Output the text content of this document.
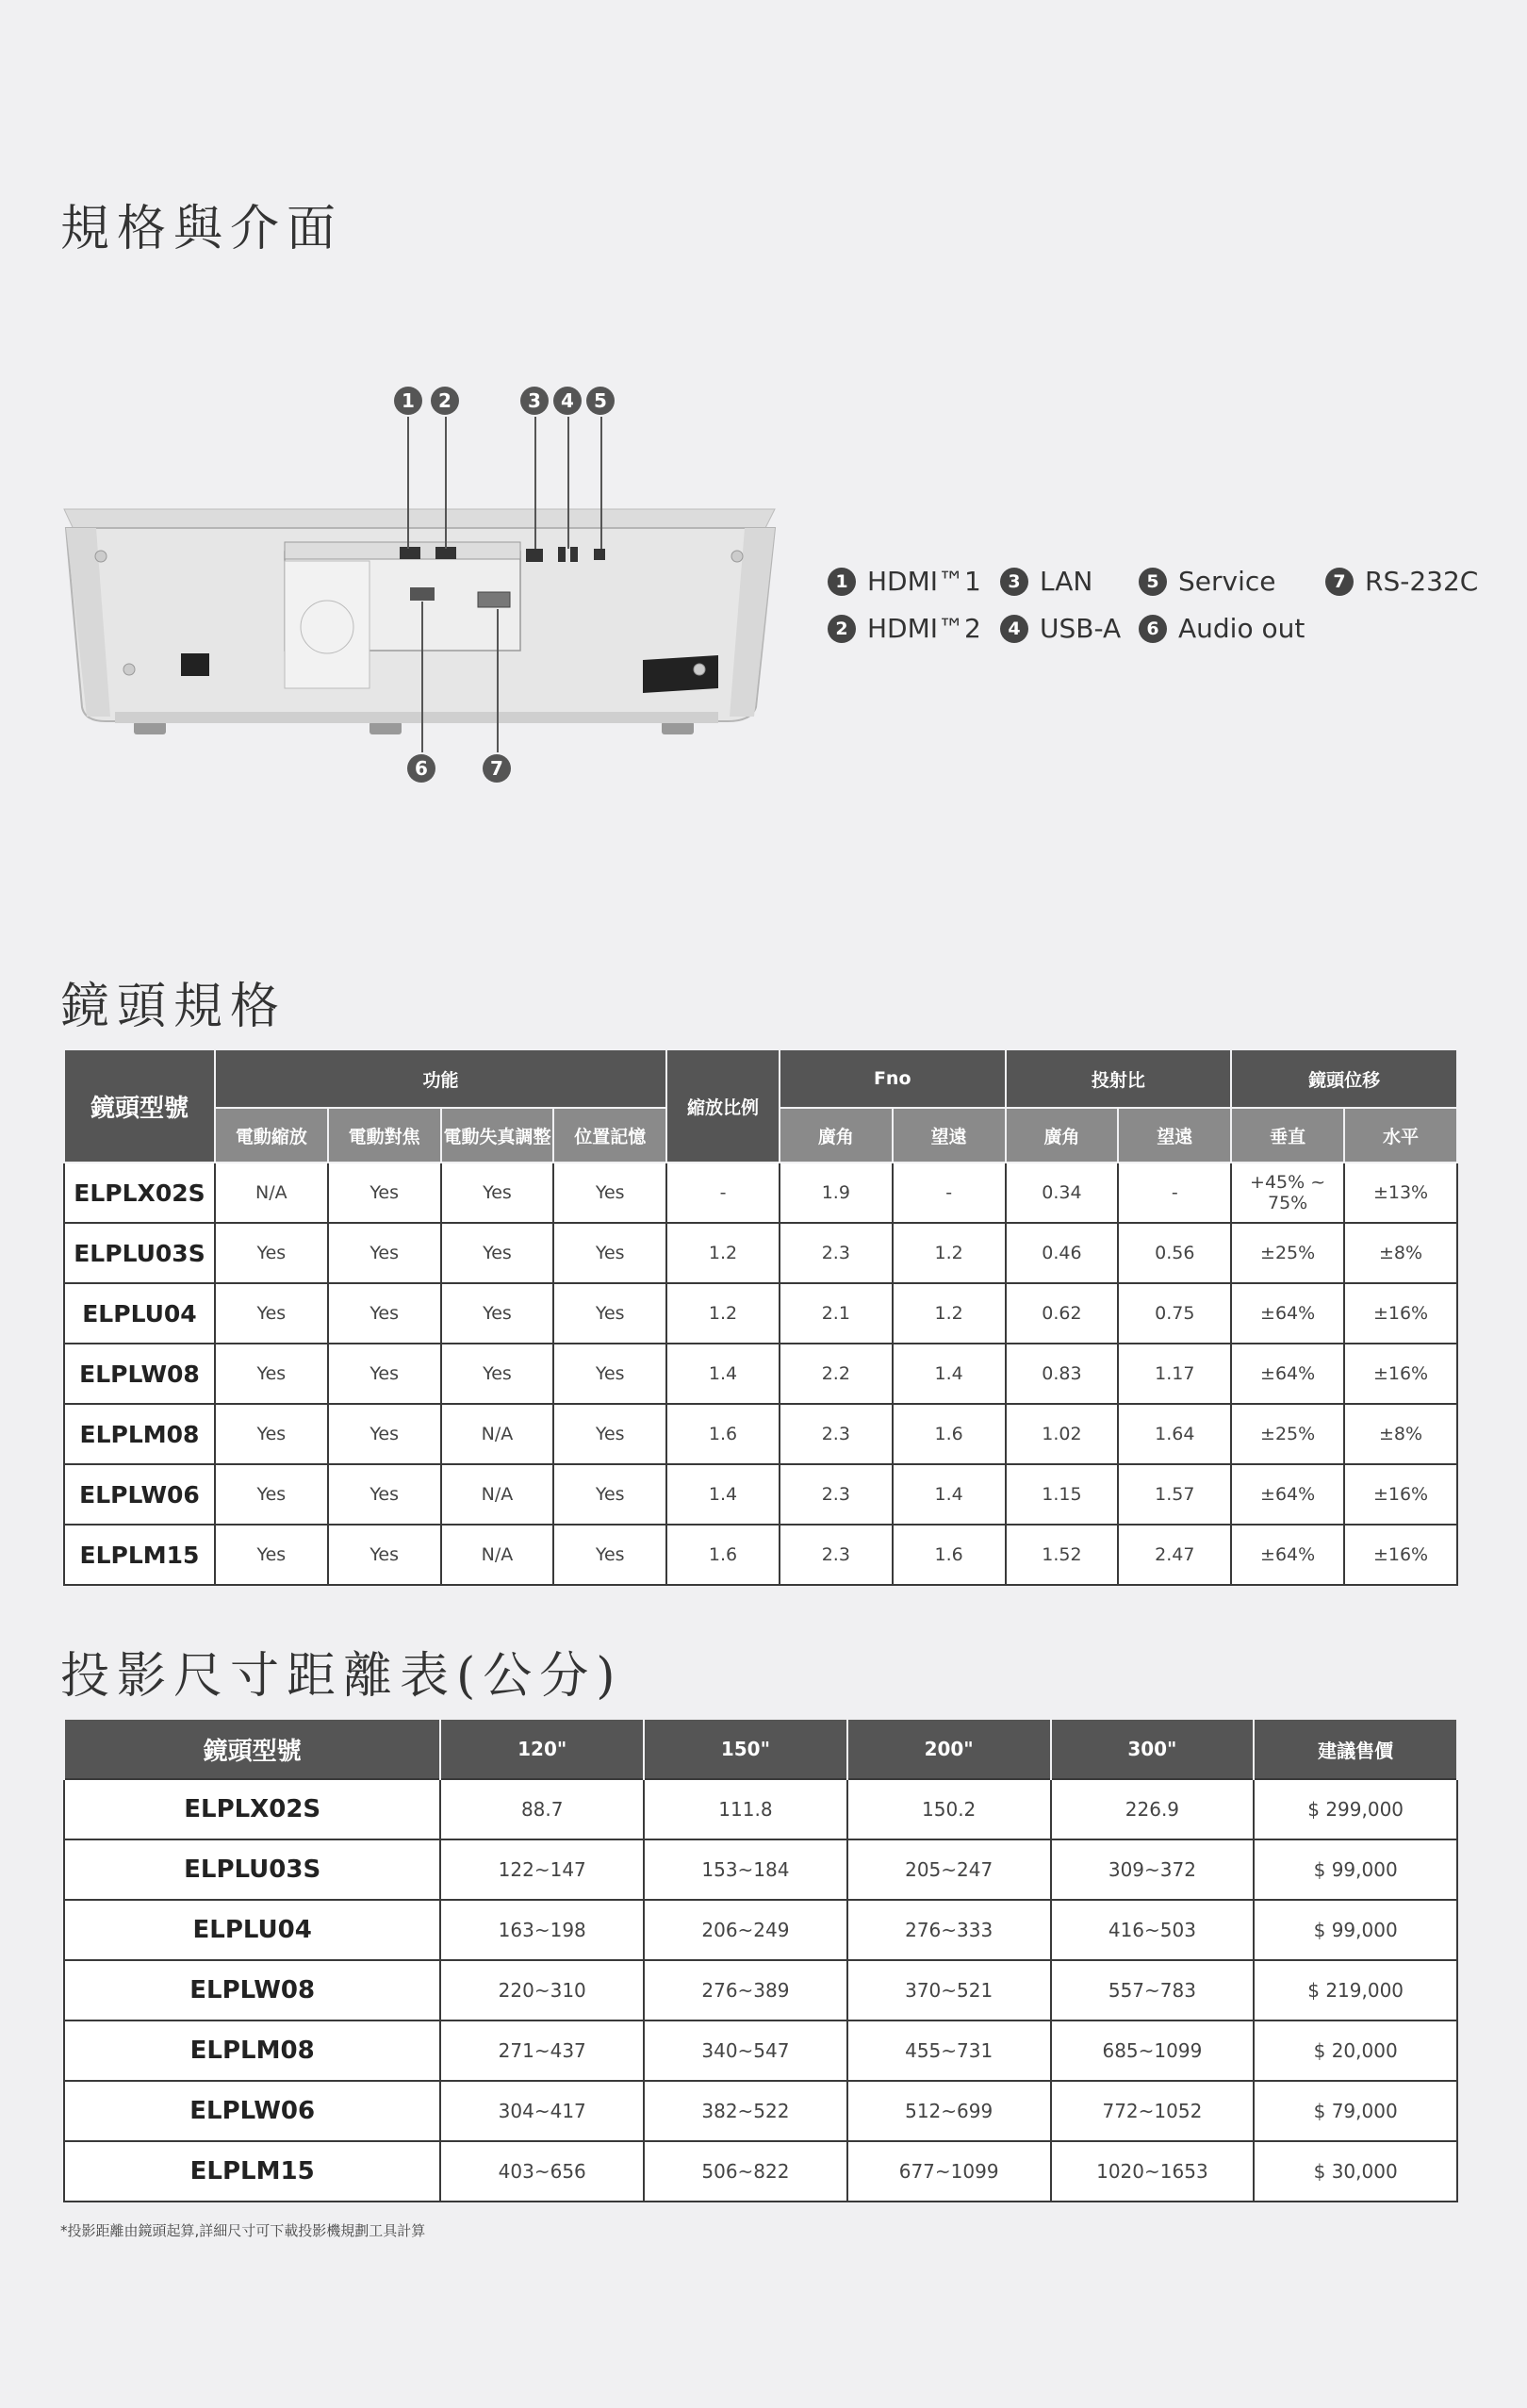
規格與介面
1	2	3	4	5
6	7
1 HDMI™1
2 HDMI™2
3 LAN
4 USB-A
5 Service
6 Audio out
7 RS-232C
鏡頭規格
鏡頭型號	功能				縮放比例	Fno		投射比		鏡頭位移	
	電動縮放	電動對焦	電動失真調整	位置記憶		廣角	望遠	廣角	望遠	垂直	水平
ELPLX02S	N/A	Yes	Yes	Yes	-	1.9	-	0.34	-	+45% ~ 75%	±13%
ELPLU03S	Yes	Yes	Yes	Yes	1.2	2.3	1.2	0.46	0.56	±25%	±8%
ELPLU04	Yes	Yes	Yes	Yes	1.2	2.1	1.2	0.62	0.75	±64%	±16%
ELPLW08	Yes	Yes	Yes	Yes	1.4	2.2	1.4	0.83	1.17	±64%	±16%
ELPLM08	Yes	Yes	N/A	Yes	1.6	2.3	1.6	1.02	1.64	±25%	±8%
ELPLW06	Yes	Yes	N/A	Yes	1.4	2.3	1.4	1.15	1.57	±64%	±16%
ELPLM15	Yes	Yes	N/A	Yes	1.6	2.3	1.6	1.52	2.47	±64%	±16%
投影尺寸距離表(公分)
鏡頭型號	120"	150"	200"	300"	建議售價
ELPLX02S	88.7	111.8	150.2	226.9	$ 299,000
ELPLU03S	122~147	153~184	205~247	309~372	$ 99,000
ELPLU04	163~198	206~249	276~333	416~503	$ 99,000
ELPLW08	220~310	276~389	370~521	557~783	$ 219,000
ELPLM08	271~437	340~547	455~731	685~1099	$ 20,000
ELPLW06	304~417	382~522	512~699	772~1052	$ 79,000
ELPLM15	403~656	506~822	677~1099	1020~1653	$ 30,000
*投影距離由鏡頭起算,詳細尺寸可下載投影機規劃工具計算
